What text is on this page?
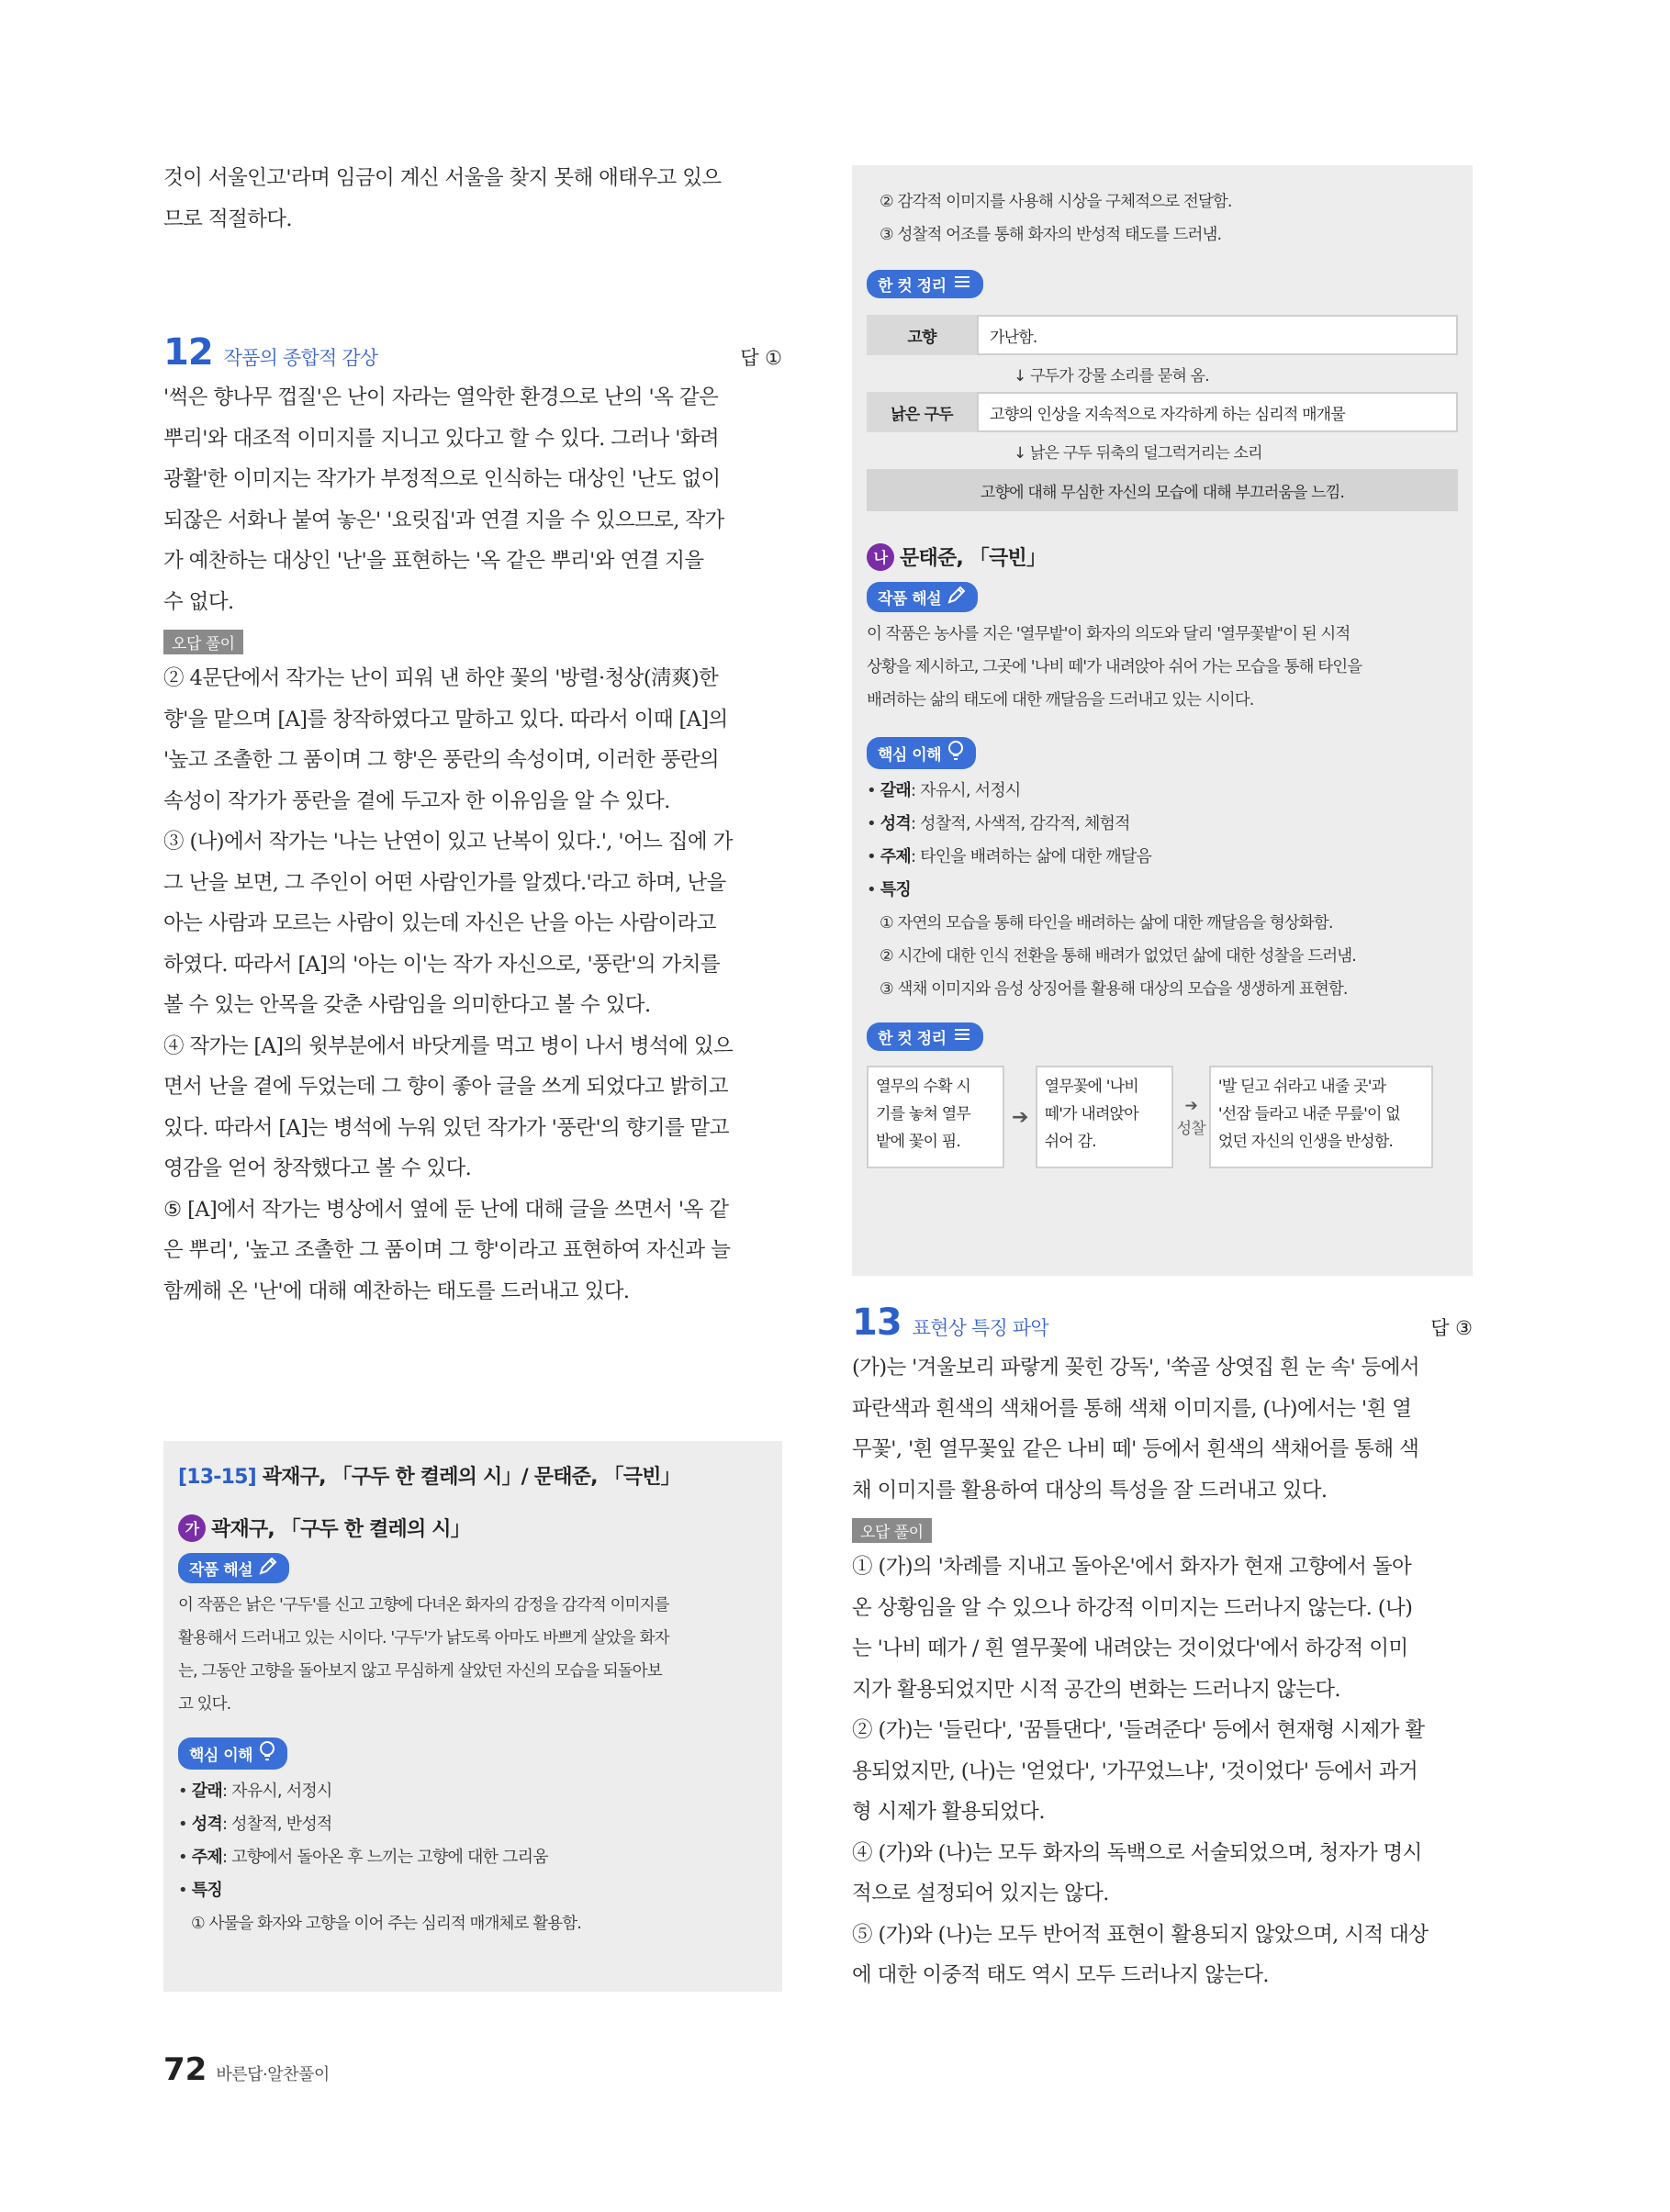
것이 서울인고'라며 임금이 계신 서울을 찾지 못해 애태우고 있으
므로 적절하다.
12 작품의 종합적 감상	답 ①
'썩은 향나무 껍질'은 난이 자라는 열악한 환경으로 난의 '옥 같은
뿌리'와 대조적 이미지를 지니고 있다고 할 수 있다. 그러나 '화려
광활'한 이미지는 작가가 부정적으로 인식하는 대상인 '난도 없이
되잖은 서화나 붙여 놓은' '요릿집'과 연결 지을 수 있으므로, 작가
가 예찬하는 대상인 '난'을 표현하는 '옥 같은 뿌리'와 연결 지을
수 없다.
오답 풀이
② 4문단에서 작가는 난이 피워 낸 하얀 꽃의 '방렬·청상(淸爽)한
향'을 맡으며 [A]를 창작하였다고 말하고 있다. 따라서 이때 [A]의
'높고 조촐한 그 품이며 그 향'은 풍란의 속성이며, 이러한 풍란의
속성이 작가가 풍란을 곁에 두고자 한 이유임을 알 수 있다.
③ (나)에서 작가는 '나는 난연이 있고 난복이 있다.', '어느 집에 가
그 난을 보면, 그 주인이 어떤 사람인가를 알겠다.'라고 하며, 난을
아는 사람과 모르는 사람이 있는데 자신은 난을 아는 사람이라고
하였다. 따라서 [A]의 '아는 이'는 작가 자신으로, '풍란'의 가치를
볼 수 있는 안목을 갖춘 사람임을 의미한다고 볼 수 있다.
④ 작가는 [A]의 윗부분에서 바닷게를 먹고 병이 나서 병석에 있으
면서 난을 곁에 두었는데 그 향이 좋아 글을 쓰게 되었다고 밝히고
있다. 따라서 [A]는 병석에 누워 있던 작가가 '풍란'의 향기를 맡고
영감을 얻어 창작했다고 볼 수 있다.
⑤ [A]에서 작가는 병상에서 옆에 둔 난에 대해 글을 쓰면서 '옥 같
은 뿌리', '높고 조촐한 그 품이며 그 향'이라고 표현하여 자신과 늘
함께해 온 '난'에 대해 예찬하는 태도를 드러내고 있다.
[13-15] 곽재구, 「구두 한 켤레의 시」/ 문태준, 「극빈」
가 곽재구, 「구두 한 켤레의 시」
작품 해설
이 작품은 낡은 '구두'를 신고 고향에 다녀온 화자의 감정을 감각적 이미지를
활용해서 드러내고 있는 시이다. '구두'가 낡도록 아마도 바쁘게 살았을 화자
는, 그동안 고향을 돌아보지 않고 무심하게 살았던 자신의 모습을 되돌아보
고 있다.
핵심 이해
• 갈래: 자유시, 서정시
• 성격: 성찰적, 반성적
• 주제: 고향에서 돌아온 후 느끼는 고향에 대한 그리움
• 특징
① 사물을 화자와 고향을 이어 주는 심리적 매개체로 활용함.
② 감각적 이미지를 사용해 시상을 구체적으로 전달함.
③ 성찰적 어조를 통해 화자의 반성적 태도를 드러냄.
한 컷 정리
고향	가난함.
↓ 구두가 강물 소리를 묻혀 옴.
낡은 구두	고향의 인상을 지속적으로 자각하게 하는 심리적 매개물
↓ 낡은 구두 뒤축의 덜그럭거리는 소리
고향에 대해 무심한 자신의 모습에 대해 부끄러움을 느낌.
나 문태준, 「극빈」
작품 해설
이 작품은 농사를 지은 '열무밭'이 화자의 의도와 달리 '열무꽃밭'이 된 시적
상황을 제시하고, 그곳에 '나비 떼'가 내려앉아 쉬어 가는 모습을 통해 타인을
배려하는 삶의 태도에 대한 깨달음을 드러내고 있는 시이다.
핵심 이해
• 갈래: 자유시, 서정시
• 성격: 성찰적, 사색적, 감각적, 체험적
• 주제: 타인을 배려하는 삶에 대한 깨달음
• 특징
① 자연의 모습을 통해 타인을 배려하는 삶에 대한 깨달음을 형상화함.
② 시간에 대한 인식 전환을 통해 배려가 없었던 삶에 대한 성찰을 드러냄.
③ 색채 이미지와 음성 상징어를 활용해 대상의 모습을 생생하게 표현함.
한 컷 정리
열무의 수확 시
기를 놓쳐 열무
밭에 꽃이 핌.
➔
열무꽃에 '나비
떼'가 내려앉아
쉬어 감.
➔
성찰
'발 딛고 쉬라고 내줄 곳'과
'선잠 들라고 내준 무릎'이 없
었던 자신의 인생을 반성함.
13 표현상 특징 파악	답 ③
(가)는 '겨울보리 파랗게 꽂힌 강독', '쑥골 상엿집 흰 눈 속' 등에서
파란색과 흰색의 색채어를 통해 색채 이미지를, (나)에서는 '흰 열
무꽃', '흰 열무꽃잎 같은 나비 떼' 등에서 흰색의 색채어를 통해 색
채 이미지를 활용하여 대상의 특성을 잘 드러내고 있다.
오답 풀이
① (가)의 '차례를 지내고 돌아온'에서 화자가 현재 고향에서 돌아
온 상황임을 알 수 있으나 하강적 이미지는 드러나지 않는다. (나)
는 '나비 떼가 / 흰 열무꽃에 내려앉는 것이었다'에서 하강적 이미
지가 활용되었지만 시적 공간의 변화는 드러나지 않는다.
② (가)는 '들린다', '꿈틀댄다', '들려준다' 등에서 현재형 시제가 활
용되었지만, (나)는 '얻었다', '가꾸었느냐', '것이었다' 등에서 과거
형 시제가 활용되었다.
④ (가)와 (나)는 모두 화자의 독백으로 서술되었으며, 청자가 명시
적으로 설정되어 있지는 않다.
⑤ (가)와 (나)는 모두 반어적 표현이 활용되지 않았으며, 시적 대상
에 대한 이중적 태도 역시 모두 드러나지 않는다.
72 바른답·알찬풀이
